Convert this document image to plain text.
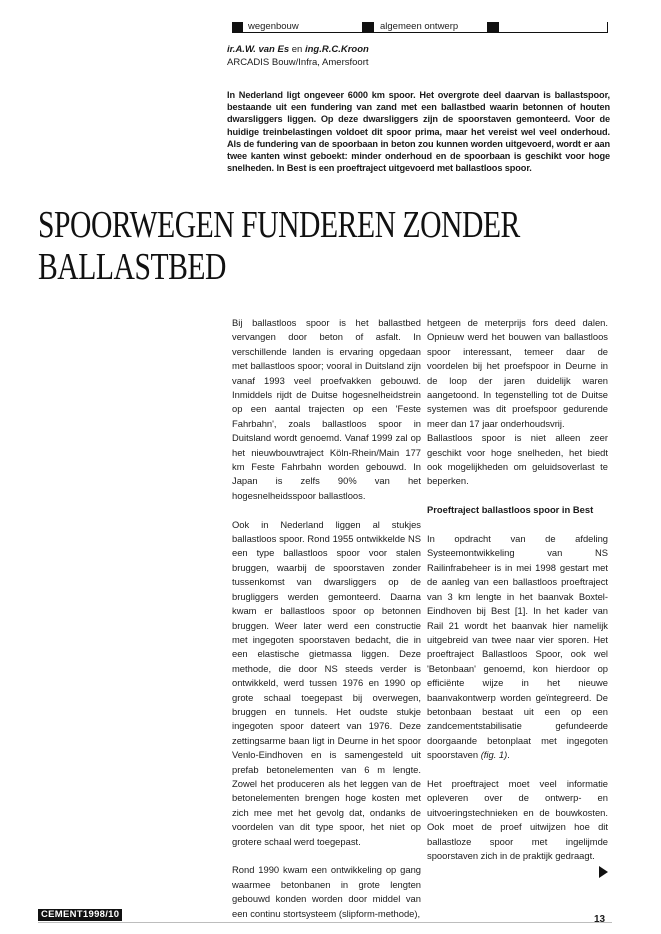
wegenbouw	algemeen ontwerp
ir.A.W. van Es en ing.R.C.Kroon
ARCADIS Bouw/Infra, Amersfoort

In Nederland ligt ongeveer 6000 km spoor. Het overgrote deel daarvan is ballastspoor, bestaande uit een fundering van zand met een ballastbed waarin betonnen of houten dwarsliggers liggen. Op deze dwarsliggers zijn de spoorstaven gemonteerd. Voor de huidige treinbelastingen voldoet dit spoor prima, maar het vereist wel veel onderhoud. Als de fundering van de spoorbaan in beton zou kunnen worden uitgevoerd, wordt er aan twee kanten winst geboekt: minder onderhoud en de spoorbaan is geschikt voor hoge snelheden. In Best is een proeftraject uitgevoerd met ballastloos spoor.

SPOORWEGEN FUNDEREN ZONDER
BALLASTBED

Bij ballastloos spoor is het ballastbed vervangen door beton of asfalt. In verschillende landen is ervaring opgedaan met ballastloos spoor; vooral in Duitsland zijn vanaf 1993 veel proefvakken gebouwd. Inmiddels rijdt de Duitse hogesnelheidstrein op een aantal trajecten op een 'Feste Fahrbahn', zoals ballastloos spoor in Duitsland wordt genoemd. Vanaf 1999 zal op het nieuwbouwtraject Köln-Rhein/Main 177 km Feste Fahrbahn worden gebouwd. In Japan is zelfs 90% van het hogesnelheidsspoor ballastloos.

Ook in Nederland liggen al stukjes ballastloos spoor. Rond 1955 ontwikkelde NS een type ballastloos spoor voor stalen bruggen, waarbij de spoorstaven zonder tussenkomst van dwarsliggers op de brugliggers werden gemonteerd. Daarna kwam er ballastloos spoor op betonnen bruggen. Weer later werd een constructie met ingegoten spoorstaven bedacht, die in een elastische gietmassa liggen. Deze methode, die door NS steeds verder is ontwikkeld, werd tussen 1976 en 1990 op grote schaal toegepast bij overwegen, bruggen en tunnels. Het oudste stukje ingegoten spoor dateert van 1976. Deze zettingsarme baan ligt in Deurne in het spoor Venlo-Eindhoven en is samengesteld uit prefab betonelementen van 6 m lengte. Zowel het produceren als het leggen van de betonelementen brengen hoge kosten met zich mee met het gevolg dat, ondanks de voordelen van dit type spoor, het niet op grotere schaal werd toegepast.

Rond 1990 kwam een ontwikkeling op gang waarmee betonbanen in grote lengten gebouwd konden worden door middel van een continu stortsysteem (slipform-methode),

hetgeen de meterprijs fors deed dalen. Opnieuw werd het bouwen van ballastloos spoor interessant, temeer daar de voordelen bij het proefspoor in Deurne in de loop der jaren duidelijk waren aangetoond. In tegenstelling tot de Duitse systemen was dit proefspoor gedurende meer dan 17 jaar onderhoudsvrij.

Ballastloos spoor is niet alleen zeer geschikt voor hoge snelheden, het biedt ook mogelijkheden om geluidsoverlast te beperken.

Proeftraject ballastloos spoor in Best

In opdracht van de afdeling Systeemontwikkeling van NS Railinfrabeheer is in mei 1998 gestart met de aanleg van een ballastloos proeftraject van 3 km lengte in het baanvak Boxtel-Eindhoven bij Best [1]. In het kader van Rail 21 wordt het baanvak hier namelijk uitgebreid van twee naar vier sporen. Het proeftraject Ballastloos Spoor, ook wel 'Betonbaan' genoemd, kon hierdoor op efficiënte wijze in het nieuwe baanvakontwerp worden geïntegreerd. De betonbaan bestaat uit een op een zandcementstabilisatie gefundeerde doorgaande betonplaat met ingegoten spoorstaven (fig. 1).

Het proeftraject moet veel informatie opleveren over de ontwerp- en uitvoeringstechnieken en de bouwkosten. Ook moet de proef uitwijzen hoe dit ballastloze spoor met ingelijmde spoorstaven zich in de praktijk gedraagt.

CEMENT1998/10	13
